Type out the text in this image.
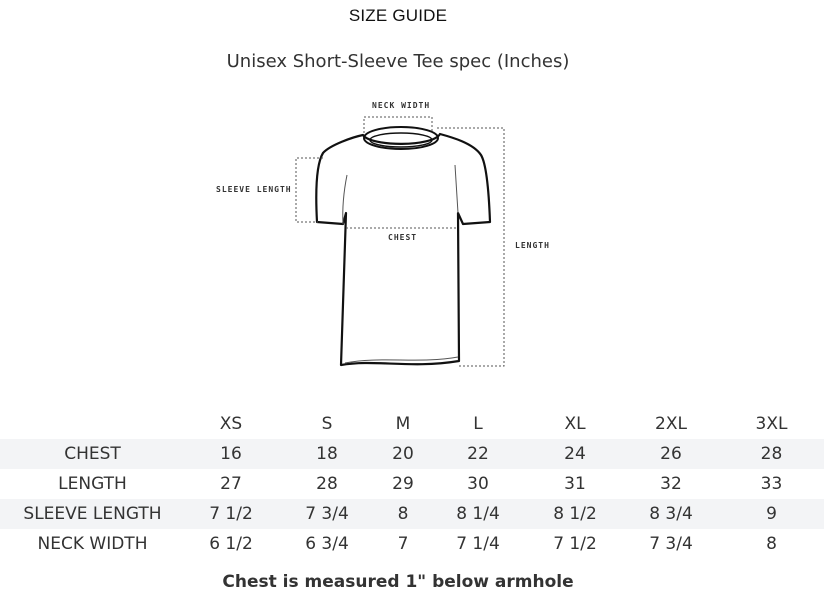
SIZE GUIDE
Unisex Short-Sleeve Tee spec (Inches)
NECK WIDTH
SLEEVE LENGTH
CHEST
LENGTH
	XS	S	M	L	XL	2XL	3XL
CHEST	16	18	20	22	24	26	28
LENGTH	27	28	29	30	31	32	33
SLEEVE LENGTH	7 1/2	7 3/4	8	8 1/4	8 1/2	8 3/4	9
NECK WIDTH	6 1/2	6 3/4	7	7 1/4	7 1/2	7 3/4	8
Chest is measured 1" below armhole
